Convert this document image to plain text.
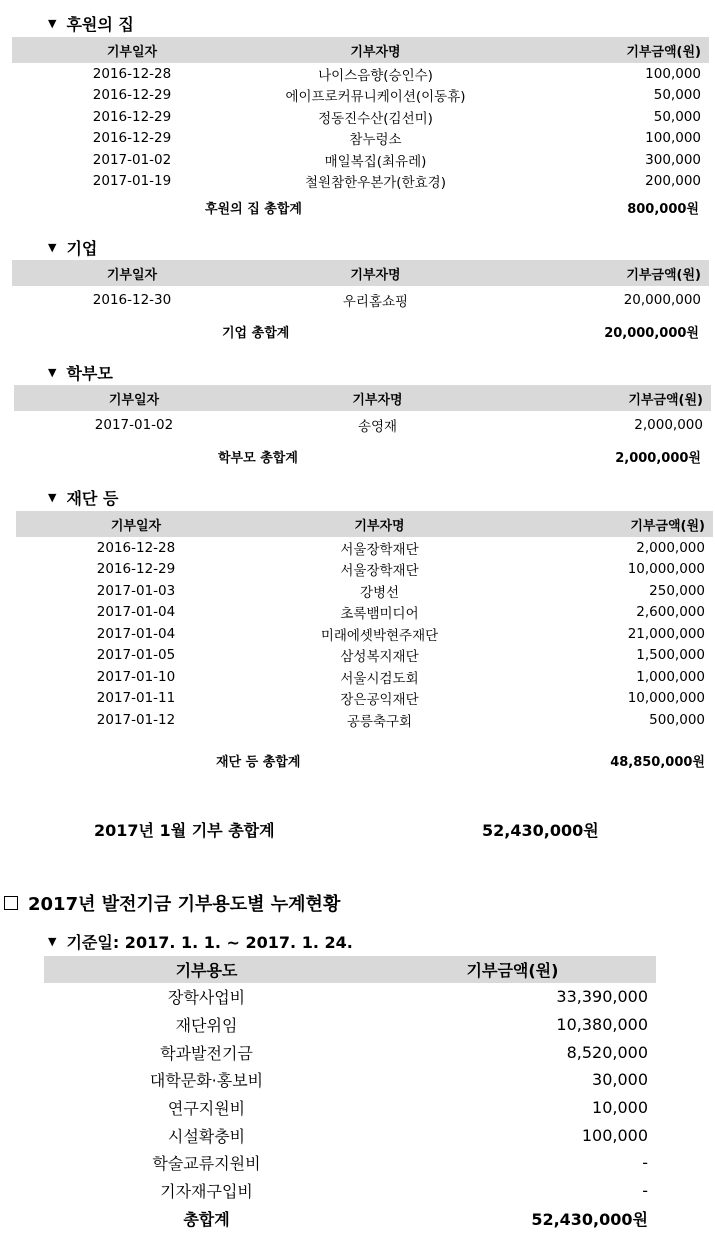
▼ 후원의 집
기부일자	기부자명	기부금액(원)
2016-12-28	나이스음향(승인수)	100,000
2016-12-29	에이프로커뮤니케이션(이동휴)	50,000
2016-12-29	정동진수산(김선미)	50,000
2016-12-29	참누렁소	100,000
2017-01-02	매일복집(최유레)	300,000
2017-01-19	철원참한우본가(한효경)	200,000
후원의 집 총합계	800,000원
▼ 기업
기부일자	기부자명	기부금액(원)
2016-12-30	우리홈쇼핑	20,000,000
기업 총합계	20,000,000원
▼ 학부모
기부일자	기부자명	기부금액(원)
2017-01-02	송영재	2,000,000
학부모 총합계	2,000,000원
▼ 재단 등
기부일자	기부자명	기부금액(원)
2016-12-28	서울장학재단	2,000,000
2016-12-29	서울장학재단	10,000,000
2017-01-03	강병선	250,000
2017-01-04	초록뱀미디어	2,600,000
2017-01-04	미래에셋박현주재단	21,000,000
2017-01-05	삼성복지재단	1,500,000
2017-01-10	서울시검도회	1,000,000
2017-01-11	장은공익재단	10,000,000
2017-01-12	공릉축구회	500,000
재단 등 총합계	48,850,000원
2017년 1월 기부 총합계	52,430,000원
2017년 발전기금 기부용도별 누계현황
▼ 기준일: 2017. 1. 1. ~ 2017. 1. 24.
기부용도	기부금액(원)
장학사업비	33,390,000
재단위임	10,380,000
학과발전기금	8,520,000
대학문화·홍보비	30,000
연구지원비	10,000
시설확충비	100,000
학술교류지원비	-
기자재구입비	-
총합계	52,430,000원
